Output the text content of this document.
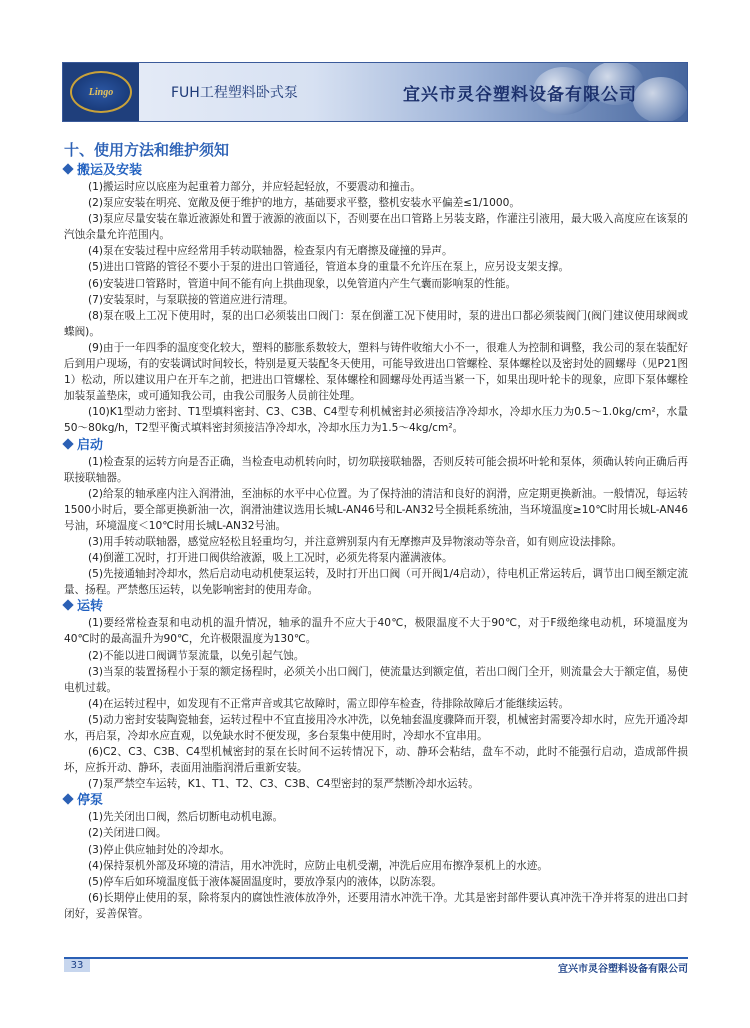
Lingo	FUH工程塑料卧式泵	宜兴市灵谷塑料设备有限公司
十、使用方法和维护须知
搬运及安装

(1)搬运时应以底座为起重着力部分，并应轻起轻放，不要震动和撞击。

(2)泵应安装在明亮、宽敞及便于维护的地方，基础要求平整，整机安装水平偏差≤1/1000。

(3)泵应尽量安装在靠近液源处和置于液源的液面以下，否则要在出口管路上另装支路，作灌注引液用，最大吸入高度应在该泵的汽蚀余量允许范围内。

(4)泵在安装过程中应经常用手转动联轴器，检查泵内有无磨擦及碰撞的异声。

(5)进出口管路的管径不要小于泵的进出口管通径，管道本身的重量不允许压在泵上，应另设支架支撑。

(6)安装进口管路时，管道中间不能有向上拱曲现象，以免管道内产生气囊而影响泵的性能。

(7)安装泵时，与泵联接的管道应进行清理。

(8)泵在吸上工况下使用时，泵的出口必须装出口阀门：泵在倒灌工况下使用时，泵的进出口都必须装阀门(阀门建议使用球阀或蝶阀)。

(9)由于一年四季的温度变化较大，塑料的膨胀系数较大，塑料与铸件收缩大小不一，很难人为控制和调整，我公司的泵在装配好后到用户现场，有的安装调试时间较长，特别是夏天装配冬天使用，可能导致进出口管螺栓、泵体螺栓以及密封处的圆螺母（见P21图1）松动，所以建议用户在开车之前，把进出口管螺栓、泵体螺栓和圆螺母处再适当紧一下，如果出现叶轮卡的现象，应即下泵体螺栓加装泵盖垫床，或可通知我公司，由我公司服务人员前往处理。

(10)K1型动力密封、T1型填料密封、C3、C3B、C4型专利机械密封必须接洁净冷却水，冷却水压力为0.5～1.0kg/cm²，水量50～80kg/h，T2型平衡式填料密封须接洁净冷却水，冷却水压力为1.5～4kg/cm²。

启动

(1)检查泵的运转方向是否正确，当检查电动机转向时，切勿联接联轴器，否则反转可能会损坏叶轮和泵体，须确认转向正确后再联接联轴器。

(2)给泵的轴承座内注入润滑油，至油标的水平中心位置。为了保持油的清洁和良好的润滑，应定期更换新油。一般情况，每运转1500小时后，要全部更换新油一次，润滑油建议选用长城L-AN46号和L-AN32号全损耗系统油，当环境温度≥10℃时用长城L-AN46号油，环境温度＜10℃时用长城L-AN32号油。

(3)用手转动联轴器，感觉应轻松且轻重均匀，并注意辨别泵内有无摩擦声及异物滚动等杂音，如有则应设法排除。

(4)倒灌工况时，打开进口阀供给液源，吸上工况时，必须先将泵内灌满液体。

(5)先接通轴封冷却水，然后启动电动机使泵运转，及时打开出口阀（可开阀1/4启动），待电机正常运转后，调节出口阀至额定流量、扬程。严禁憋压运转，以免影响密封的使用寿命。

运转

(1)要经常检查泵和电动机的温升情况，轴承的温升不应大于40℃，极限温度不大于90℃，对于F级绝缘电动机，环境温度为40℃时的最高温升为90℃，允许极限温度为130℃。

(2)不能以进口阀调节泵流量，以免引起气蚀。

(3)当泵的装置扬程小于泵的额定扬程时，必须关小出口阀门，使流量达到额定值，若出口阀门全开，则流量会大于额定值，易使电机过载。

(4)在运转过程中，如发现有不正常声音或其它故障时，需立即停车检查，待排除故障后才能继续运转。

(5)动力密封安装陶瓷轴套，运转过程中不宜直接用冷水冲洗，以免轴套温度骤降而开裂，机械密封需要冷却水时，应先开通冷却水，再启泵，冷却水应直观，以免缺水时不便发现，多台泵集中使用时，冷却水不宜串用。

(6)C2、C3、C3B、C4型机械密封的泵在长时间不运转情况下，动、静环会粘结，盘车不动，此时不能强行启动，造成部件损坏，应拆开动、静环，表面用油脂润滑后重新安装。

(7)泵严禁空车运转，K1、T1、T2、C3、C3B、C4型密封的泵严禁断冷却水运转。

停泵

(1)先关闭出口阀，然后切断电动机电源。

(2)关闭进口阀。

(3)停止供应轴封处的冷却水。

(4)保持泵机外部及环境的清洁，用水冲洗时，应防止电机受潮，冲洗后应用布擦净泵机上的水迹。

(5)停车后如环境温度低于液体凝固温度时，要放净泵内的液体，以防冻裂。

(6)长期停止使用的泵，除将泵内的腐蚀性液体放净外，还要用清水冲洗干净。尤其是密封部件要认真冲洗干净并将泵的进出口封闭好，妥善保管。

33	宜兴市灵谷塑料设备有限公司
